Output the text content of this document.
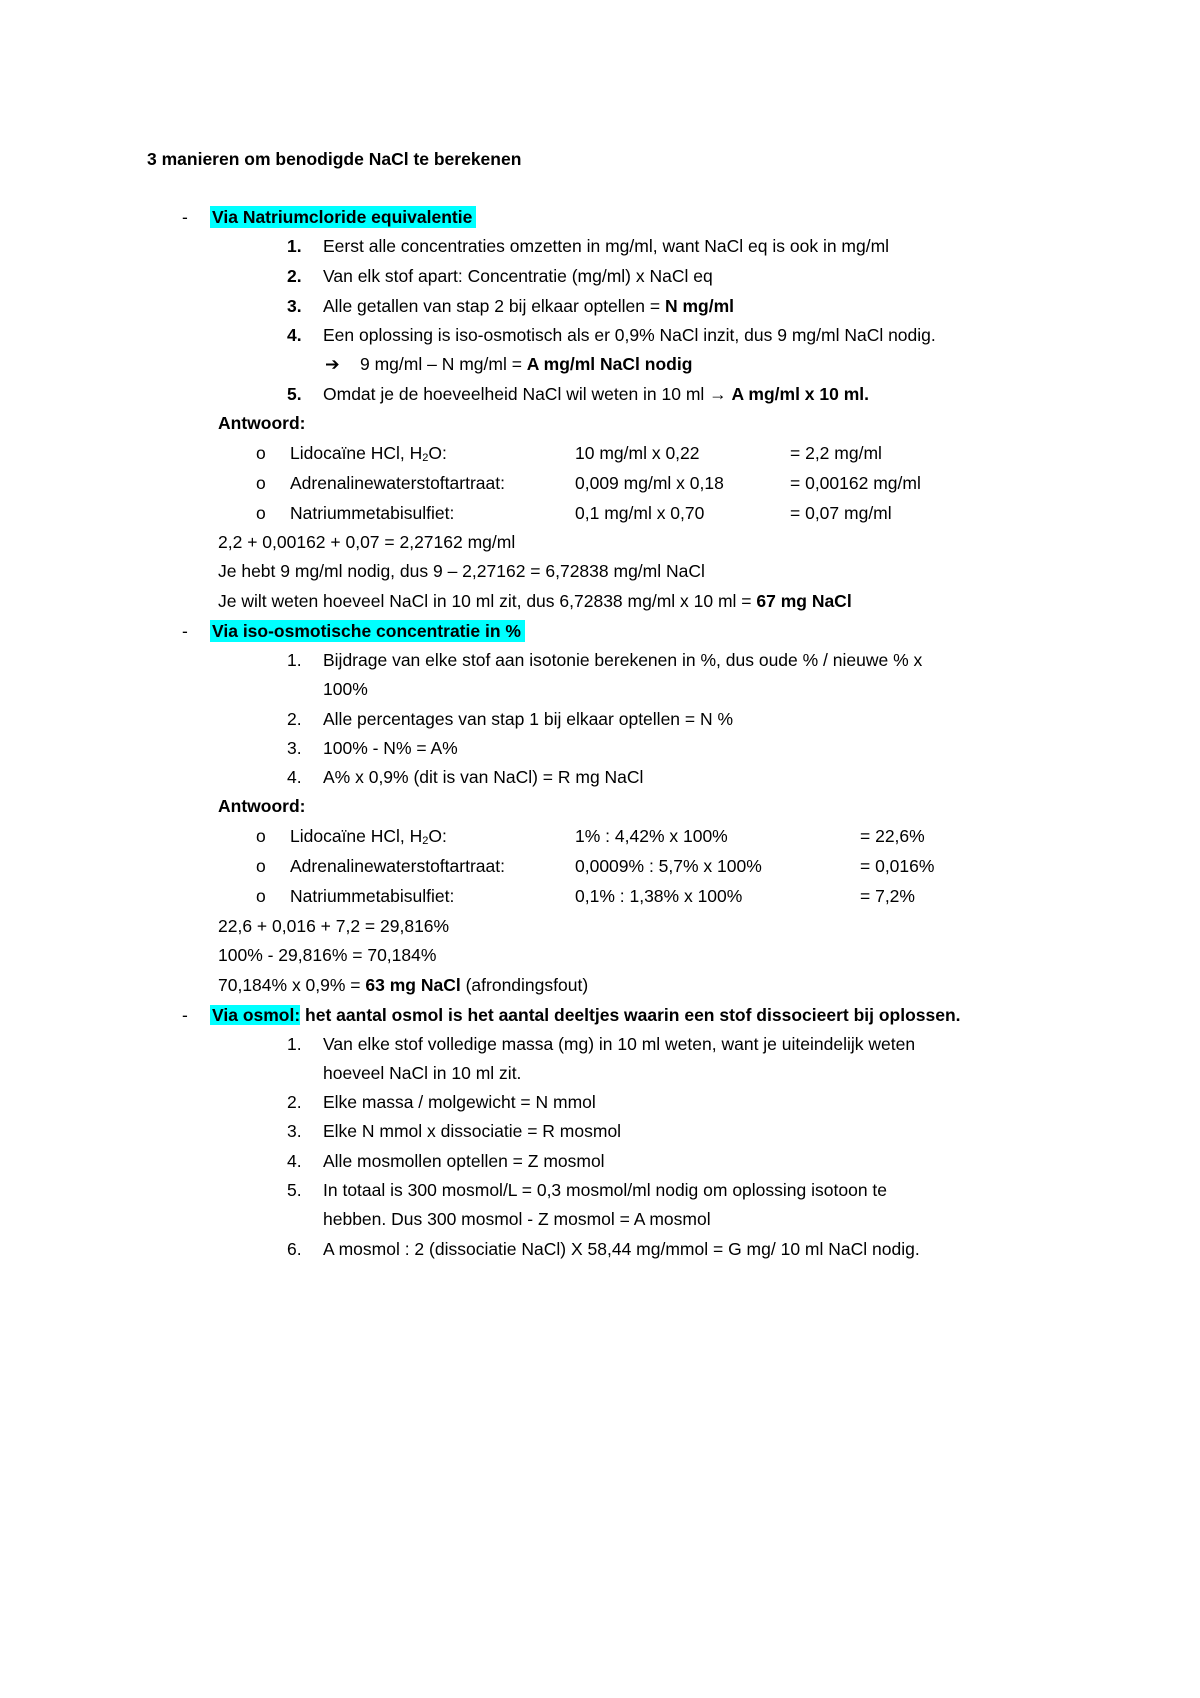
3 manieren om benodigde NaCl te berekenen
- Via Natriumcloride equivalentie
1. Eerst alle concentraties omzetten in mg/ml, want NaCl eq is ook in mg/ml
2. Van elk stof apart: Concentratie (mg/ml) x NaCl eq
3. Alle getallen van stap 2 bij elkaar optellen = N mg/ml
4. Een oplossing is iso-osmotisch als er 0,9% NaCl inzit, dus 9 mg/ml NaCl nodig.
➔ 9 mg/ml – N mg/ml = A mg/ml NaCl nodig
5. Omdat je de hoeveelheid NaCl wil weten in 10 ml → A mg/ml x 10 ml.
Antwoord:
o Lidocaïne HCl, $H_2O$:	10 mg/ml x 0,22	= 2,2 mg/ml
o Adrenalinewaterstoftartraat:	0,009 mg/ml x 0,18	= 0,00162 mg/ml
o Natriummetabisulfiet:	0,1 mg/ml x 0,70	= 0,07 mg/ml
2,2 + 0,00162 + 0,07 = 2,27162 mg/ml
Je hebt 9 mg/ml nodig, dus 9 – 2,27162 = 6,72838 mg/ml NaCl
Je wilt weten hoeveel NaCl in 10 ml zit, dus 6,72838 mg/ml x 10 ml = 67 mg NaCl
- Via iso-osmotische concentratie in %
1. Bijdrage van elke stof aan isotonie berekenen in %, dus oude % / nieuwe % x
100%
2. Alle percentages van stap 1 bij elkaar optellen = N %
3. 100% - N% = A%
4. A% x 0,9% (dit is van NaCl) = R mg NaCl
Antwoord:
o Lidocaïne HCl, $H_2O$:	1% : 4,42% x 100%	= 22,6%
o Adrenalinewaterstoftartraat:	0,0009% : 5,7% x 100%	= 0,016%
o Natriummetabisulfiet:	0,1% : 1,38% x 100%	= 7,2%
22,6 + 0,016 + 7,2 = 29,816%
100% - 29,816% = 70,184%
70,184% x 0,9% = 63 mg NaCl (afrondingsfout)
- Via osmol: het aantal osmol is het aantal deeltjes waarin een stof dissocieert bij oplossen.
1. Van elke stof volledige massa (mg) in 10 ml weten, want je uiteindelijk weten
hoeveel NaCl in 10 ml zit.
2. Elke massa / molgewicht = N mmol
3. Elke N mmol x dissociatie = R mosmol
4. Alle mosmollen optellen = Z mosmol
5. In totaal is 300 mosmol/L = 0,3 mosmol/ml nodig om oplossing isotoon te
hebben. Dus 300 mosmol - Z mosmol = A mosmol
6. A mosmol : 2 (dissociatie NaCl) X 58,44 mg/mmol = G mg/ 10 ml NaCl nodig.
